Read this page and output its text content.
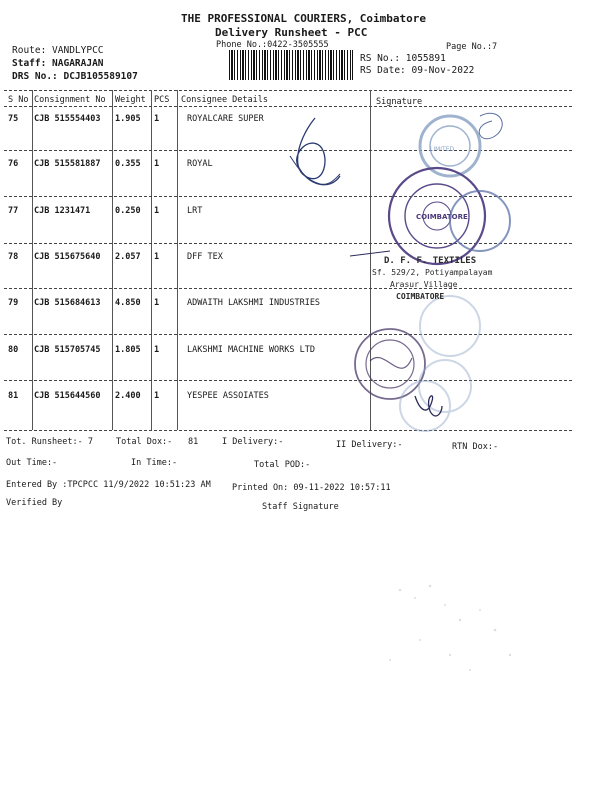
THE PROFESSIONAL COURIERS, Coimbatore
Delivery Runsheet - PCC
Phone No.:0422-3505555	Page No.:7
Route: VANDLYPCC
Staff: NAGARAJAN
DRS No.: DCJB105589107
RS No.: 1055891
RS Date: 09-Nov-2022
S No Consignment No Weight PCS Consignee Details	Signature
75 CJB 515554403 1.905 1	ROYALCARE SUPER
76 CJB 515581887 0.355 1	ROYAL
77 CJB 1231471	0.250 1	LRT
78 CJB 515675640 2.057 1	DFF TEX
79 CJB 515684613 4.850 1	ADWAITH LAKSHMI INDUSTRIES
80 CJB 515705745 1.805 1	LAKSHMI MACHINE WORKS LTD
81 CJB 515644560 2.400 1	YESPEE ASSOIATES
LIMITED
COIMBATORE
D. F. F. TEXTILES
Sf. 529/2, Potiyampalayam
Arasur Village
COIMBATORE
Tot. Runsheet:- 7	Total Dox:- 81	I Delivery:-	II Delivery:-	RTN Dox:-
Out Time:-	In Time:-	Total POD:-
Entered By :TPCPCC 11/9/2022 10:51:23 AM	Printed On: 09-11-2022 10:57:11
Verified By	Staff Signature
